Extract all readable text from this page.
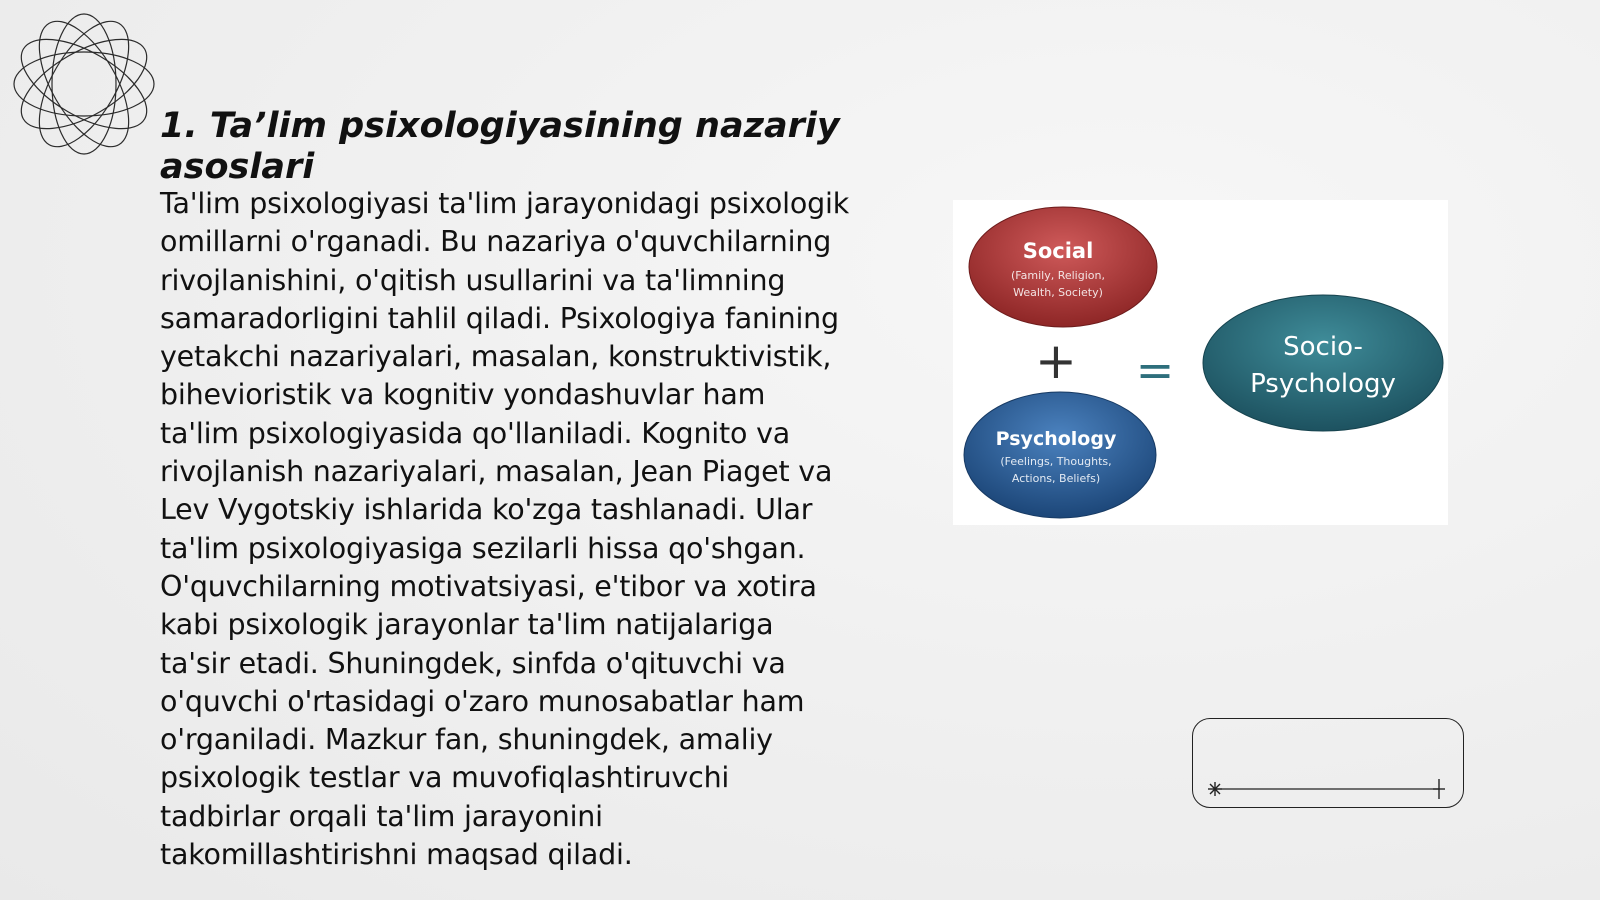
1. Ta’lim psixologiyasining nazariy asoslari

Ta'lim psixologiyasi ta'lim jarayonidagi psixologik omillarni o'rganadi. Bu nazariya o'quvchilarning rivojlanishini, o'qitish usullarini va ta'limning samaradorligini tahlil qiladi. Psixologiya fanining yetakchi nazariyalari, masalan, konstruktivistik, bihevioristik va kognitiv yondashuvlar ham ta'lim psixologiyasida qo'llaniladi. Kognito va rivojlanish nazariyalari, masalan, Jean Piaget va Lev Vygotskiy ishlarida ko'zga tashlanadi. Ular ta'lim psixologiyasiga sezilarli hissa qo'shgan. O'quvchilarning motivatsiyasi, e'tibor va xotira kabi psixologik jarayonlar ta'lim natijalariga ta'sir etadi. Shuningdek, sinfda o'qituvchi va o'quvchi o'rtasidagi o'zaro munosabatlar ham o'rganiladi. Mazkur fan, shuningdek, amaliy psixologik testlar va muvofiqlashtiruvchi tadbirlar orqali ta'lim jarayonini takomillashtirishni maqsad qiladi.

Social
(Family, Religion,
Wealth, Society)
+
Psychology
(Feelings, Thoughts,
Actions, Beliefs)
=	Socio-
Psychology
